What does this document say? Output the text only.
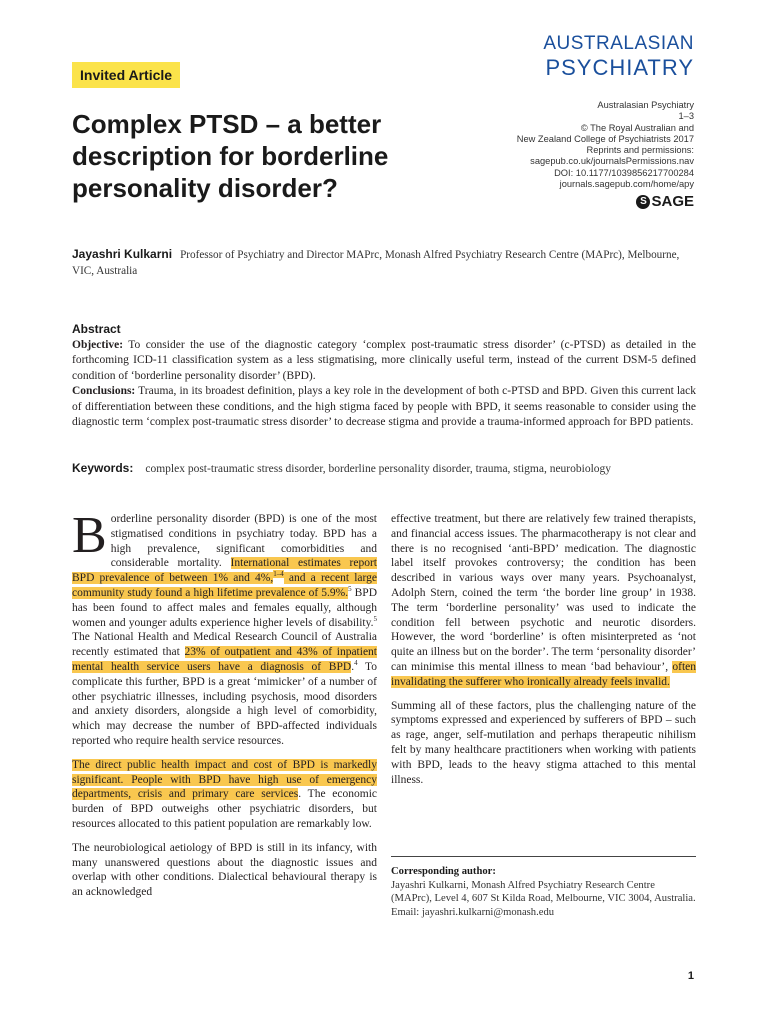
Invited Article
AUSTRALASIAN
PSYCHIATRY
Complex PTSD – a better description for borderline personality disorder?
Australasian Psychiatry
1–3
© The Royal Australian and
New Zealand College of Psychiatrists 2017
Reprints and permissions:
sagepub.co.uk/journalsPermissions.nav
DOI: 10.1177/1039856217700284
journals.sagepub.com/home/apy
S SAGE
Jayashri Kulkarni Professor of Psychiatry and Director MAPrc, Monash Alfred Psychiatry Research Centre (MAPrc), Melbourne, VIC, Australia
Abstract

Objective: To consider the use of the diagnostic category ‘complex post-traumatic stress disorder’ (c-PTSD) as detailed in the forthcoming ICD-11 classification system as a less stigmatising, more clinically useful term, instead of the current DSM-5 defined condition of ‘borderline personality disorder’ (BPD).

Conclusions: Trauma, in its broadest definition, plays a key role in the development of both c-PTSD and BPD. Given this current lack of differentiation between these conditions, and the high stigma faced by people with BPD, it seems reasonable to consider using the diagnostic term ‘complex post-traumatic stress disorder’ to decrease stigma and provide a trauma-informed approach for BPD patients.

Keywords: complex post-traumatic stress disorder, borderline personality disorder, trauma, stigma, neurobiology

Borderline personality disorder (BPD) is one of the most stigmatised conditions in psychiatry today. BPD has a high prevalence, significant comorbidities and considerable mortality. International estimates report BPD prevalence of between 1% and 4%,$^{1-4}$ and a recent large community study found a high lifetime prevalence of 5.9%.$^5$ BPD has been found to affect males and females equally, although women and younger adults experience higher levels of disability.$^5$ The National Health and Medical Research Council of Australia recently estimated that 23% of outpatient and 43% of inpatient mental health service users have a diagnosis of BPD.$^4$ To complicate this further, BPD is a great ‘mimicker’ of a number of other psychiatric illnesses, including psychosis, mood disorders and anxiety disorders, alongside a high level of comorbidity, which may decrease the number of BPD-affected individuals reported who require health service resources.

The direct public health impact and cost of BPD is markedly significant. People with BPD have high use of emergency departments, crisis and primary care services. The economic burden of BPD outweighs other psychiatric disorders, but resources allocated to this patient population are remarkably low.

The neurobiological aetiology of BPD is still in its infancy, with many unanswered questions about the diagnostic issues and overlap with other conditions. Dialectical behavioural therapy is an acknowledged

effective treatment, but there are relatively few trained therapists, and financial access issues. The pharmacotherapy is not clear and there is no recognised ‘anti-BPD’ medication. The diagnostic label itself provokes controversy; the condition has been described in various ways over many years. Psychoanalyst, Adolph Stern, coined the term ‘the border line group’ in 1938. The term ‘borderline personality’ was used to indicate the condition fell between psychotic and neurotic disorders. However, the word ‘borderline’ is often misinterpreted as ‘not quite an illness but on the border’. The term ‘personality disorder’ can minimise this mental illness to mean ‘bad behaviour’, often invalidating the sufferer who ironically already feels invalid.

Summing all of these factors, plus the challenging nature of the symptoms expressed and experienced by sufferers of BPD – such as rage, anger, self-mutilation and perhaps therapeutic nihilism felt by many healthcare practitioners when working with patients with BPD, leads to the heavy stigma attached to this mental illness.

Corresponding author:
Jayashri Kulkarni, Monash Alfred Psychiatry Research Centre (MAPrc), Level 4, 607 St Kilda Road, Melbourne, VIC 3004, Australia.
Email: jayashri.kulkarni@monash.edu
1
